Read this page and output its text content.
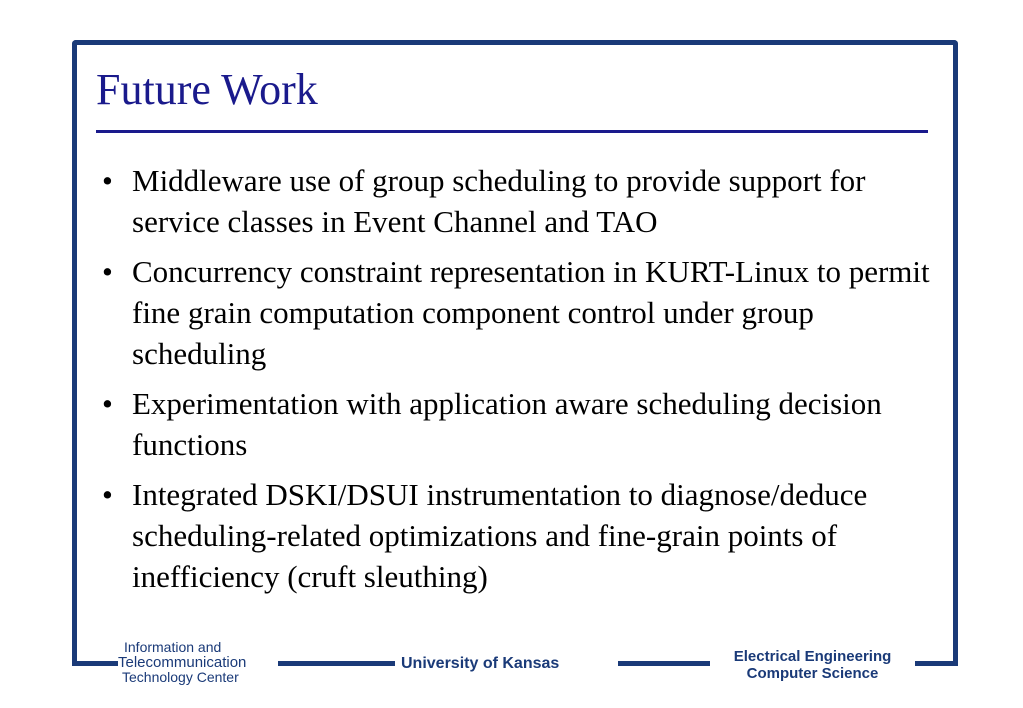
Future Work
• Middleware use of group scheduling to provide support for service classes in Event Channel and TAO
• Concurrency constraint representation in KURT-Linux to permit fine grain computation component control under group scheduling
• Experimentation with application aware scheduling decision functions
• Integrated DSKI/DSUI instrumentation to diagnose/deduce scheduling-related optimizations and fine-grain points of inefficiency (cruft sleuthing)
Information and
Telecommunication
Technology Center
University of Kansas	Electrical Engineering
Computer Science
